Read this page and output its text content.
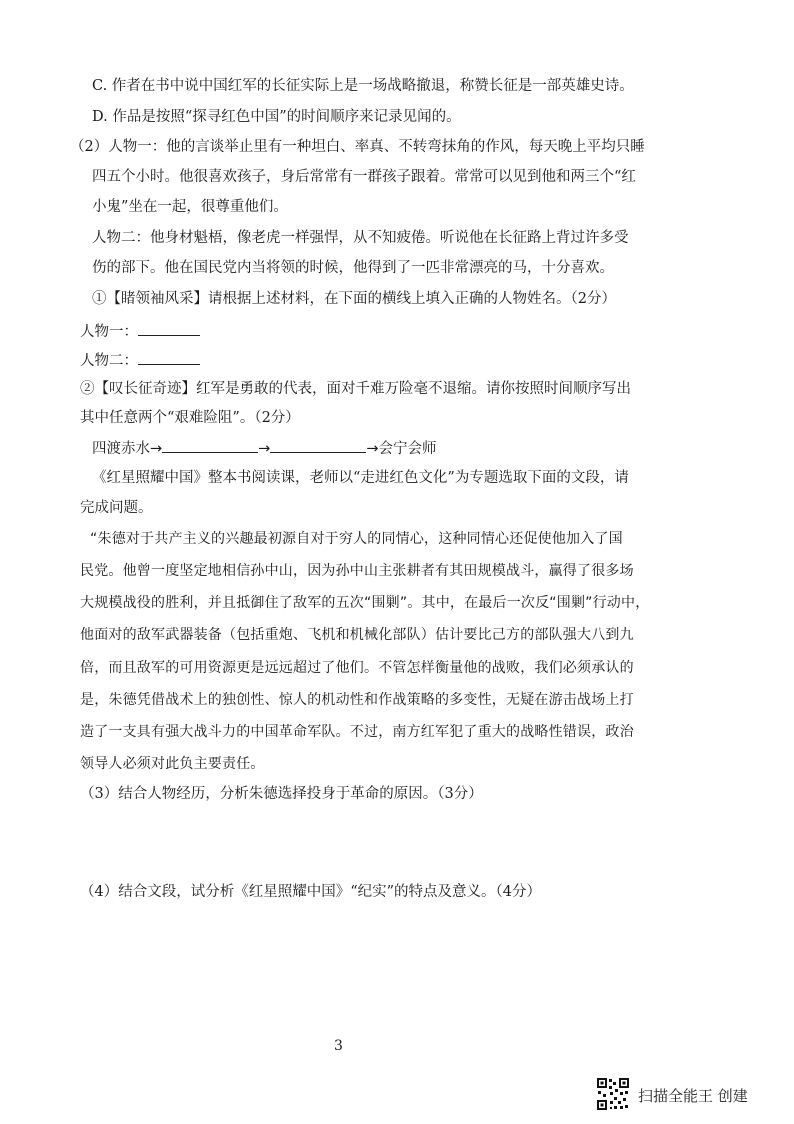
C. 作者在书中说中国红军的长征实际上是一场战略撤退，称赞长征是一部英雄史诗。
D. 作品是按照“探寻红色中国”的时间顺序来记录见闻的。
（2）人物一：他的言谈举止里有一种坦白、率真、不转弯抹角的作风，每天晚上平均只睡
四五个小时。他很喜欢孩子，身后常常有一群孩子跟着。常常可以见到他和两三个“红
小鬼”坐在一起，很尊重他们。
人物二：他身材魁梧，像老虎一样强悍，从不知疲倦。听说他在长征路上背过许多受
伤的部下。他在国民党内当将领的时候，他得到了一匹非常漂亮的马，十分喜欢。
①【睹领袖风采】请根据上述材料，在下面的横线上填入正确的人物姓名。（2分）
人物一：
人物二：
②【叹长征奇迹】红军是勇敢的代表，面对千难万险毫不退缩。请你按照时间顺序写出
其中任意两个“艰难险阻”。（2分）
四渡赤水→	→	→会宁会师
《红星照耀中国》整本书阅读课，老师以“走进红色文化”为专题选取下面的文段，请
完成问题。
“朱德对于共产主义的兴趣最初源自对于穷人的同情心，这种同情心还促使他加入了国
民党。他曾一度坚定地相信孙中山，因为孙中山主张耕者有其田规模战斗，赢得了很多场
大规模战役的胜利，并且抵御住了敌军的五次“围剿”。其中，在最后一次反“围剿”行动中，
他面对的敌军武器装备（包括重炮、飞机和机械化部队）估计要比己方的部队强大八到九
倍，而且敌军的可用资源更是远远超过了他们。不管怎样衡量他的战败，我们必须承认的
是，朱德凭借战术上的独创性、惊人的机动性和作战策略的多变性，无疑在游击战场上打
造了一支具有强大战斗力的中国革命军队。不过，南方红军犯了重大的战略性错误，政治
领导人必须对此负主要责任。
（3）结合人物经历，分析朱德选择投身于革命的原因。（3分）
（4）结合文段，试分析《红星照耀中国》“纪实”的特点及意义。（4分）
3
扫描全能王 创建
